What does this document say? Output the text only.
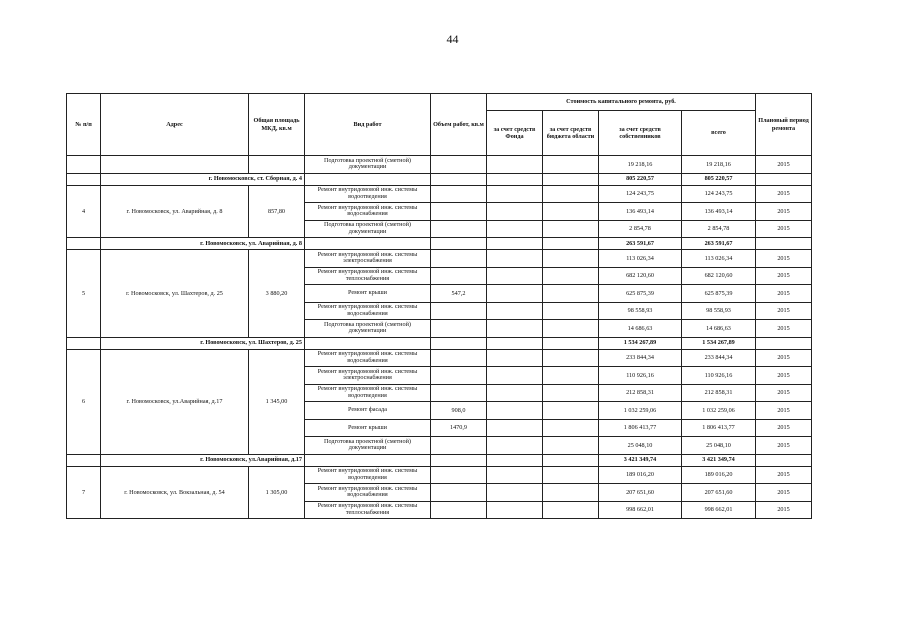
44
№ п/п	Адрес	Общая площадь МКД, кв.м	Вид работ	Объем работ, кв.м	Стоимость капитального ремонта, руб.				Плановый период ремонта
					за счет средств Фонда	за счет средств бюджета области	за счет средств собственников	всего	
			Подготовка проектной (сметной) документации				19 218,16	19 218,16	2015
	г. Новомосковск, ст. Сборная, д. 4						805 220,57	805 220,57	
4	г. Новомосковск, ул. Аварийная, д. 8	857,80	Ремонт внутридомовой инж. системы водоотведения				124 243,75	124 243,75	2015
			Ремонт внутридомовой инж. системы водоснабжения				136 493,14	136 493,14	2015
			Подготовка проектной (сметной) документации				2 854,78	2 854,78	2015
	г. Новомосковск, ул. Аварийная, д. 8						263 591,67	263 591,67	
5	г. Новомосковск, ул. Шахтеров, д. 25	3 880,20	Ремонт внутридомовой инж. системы электроснабжения				113 026,34	113 026,34	2015
			Ремонт внутридомовой инж. системы теплоснабжения				682 120,60	682 120,60	2015
			Ремонт крыши	547,2			625 875,39	625 875,39	2015
			Ремонт внутридомовой инж. системы водоснабжения				98 558,93	98 558,93	2015
			Подготовка проектной (сметной) документации				14 686,63	14 686,63	2015
	г. Новомосковск, ул. Шахтеров, д. 25						1 534 267,89	1 534 267,89	
6	г. Новомосковск, ул.Аварийная, д.17	1 345,00	Ремонт внутридомовой инж. системы водоснабжения				233 844,34	233 844,34	2015
			Ремонт внутридомовой инж. системы электроснабжения				110 926,16	110 926,16	2015
			Ремонт внутридомовой инж. системы водоотведения				212 858,31	212 858,31	2015
			Ремонт фасада	908,0			1 032 259,06	1 032 259,06	2015
			Ремонт крыши	1470,9			1 806 413,77	1 806 413,77	2015
			Подготовка проектной (сметной) документации				25 048,10	25 048,10	2015
	г. Новомосковск, ул.Аварийная, д.17						3 421 349,74	3 421 349,74	
7	г. Новомосковск, ул. Вокзальная, д. 54	1 305,00	Ремонт внутридомовой инж. системы водоотведения				189 016,20	189 016,20	2015
			Ремонт внутридомовой инж. системы водоснабжения				207 651,60	207 651,60	2015
			Ремонт внутридомовой инж. системы теплоснабжения				998 662,01	998 662,01	2015
